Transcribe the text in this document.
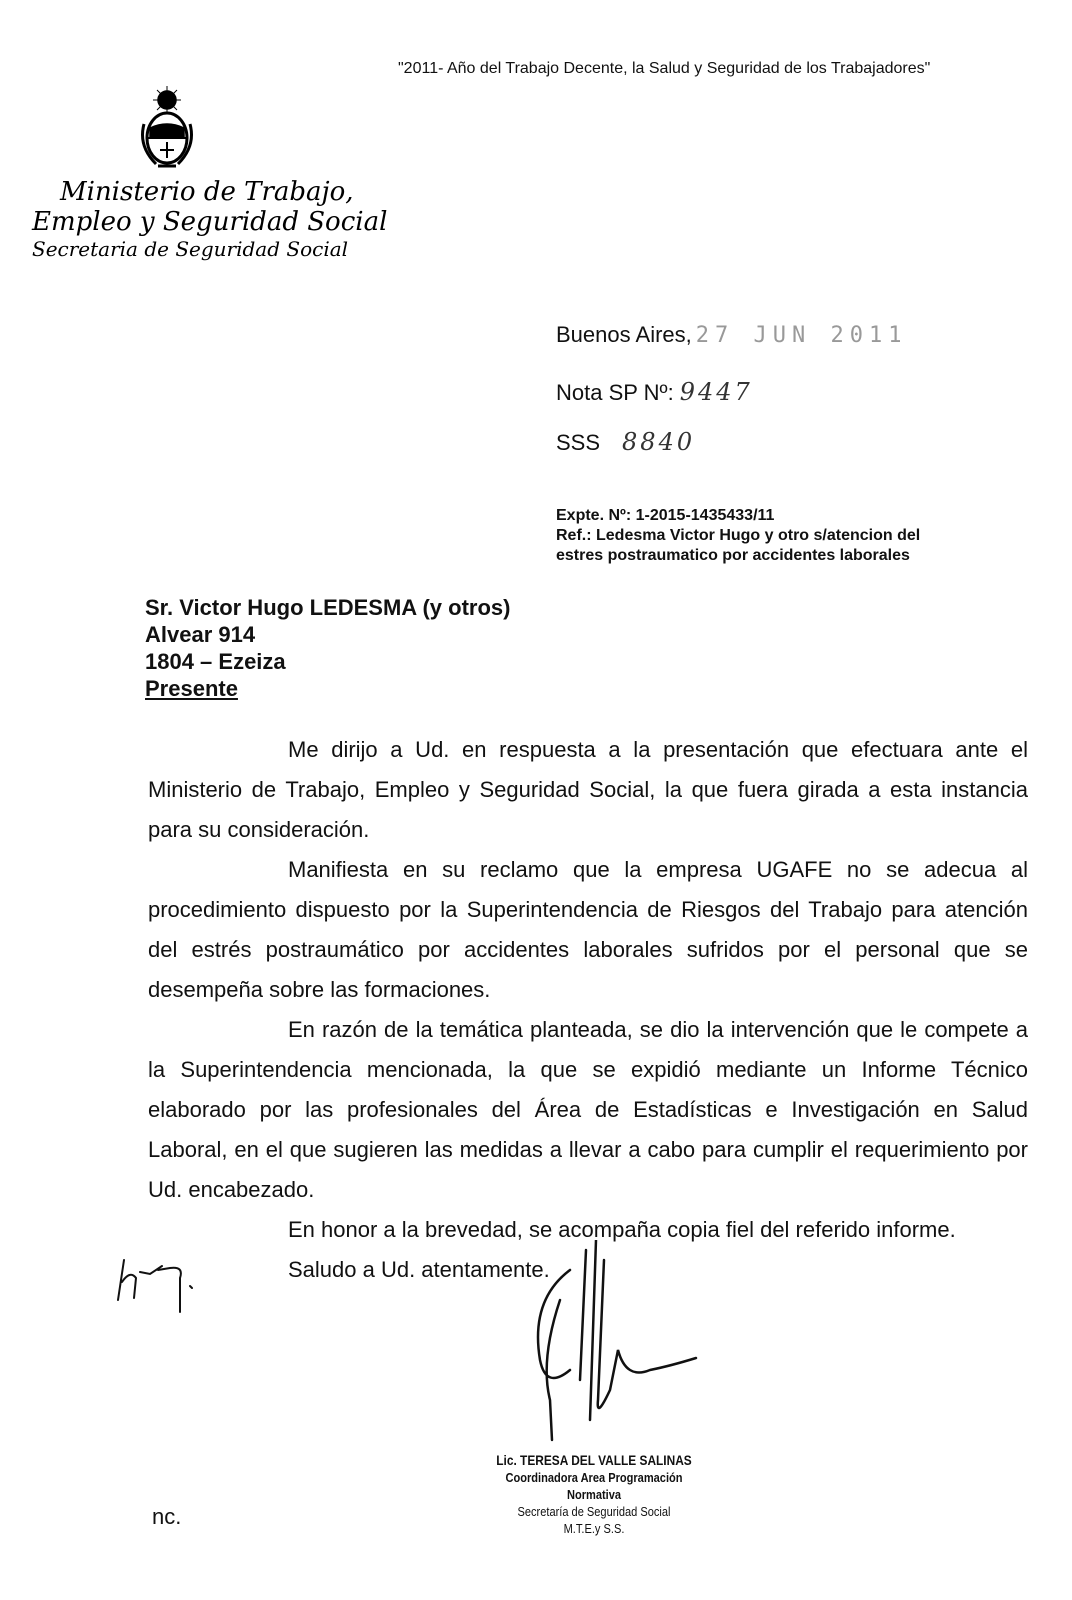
"2011- Año del Trabajo Decente, la Salud y Seguridad de los Trabajadores"
Ministerio de Trabajo,
Empleo y Seguridad Social
Secretaria de Seguridad Social
Buenos Aires, 27 JUN 2011
Nota SP Nº: 9447
SSS 8840
Expte. Nº: 1-2015-1435433/11
Ref.: Ledesma Victor Hugo y otro s/atencion del
estres postraumatico por accidentes laborales
Sr. Victor Hugo LEDESMA (y otros)
Alvear 914
1804 – Ezeiza
Presente

Me dirijo a Ud. en respuesta a la presentación que efectuara ante el Ministerio de Trabajo, Empleo y Seguridad Social, la que fuera girada a esta instancia para su consideración.

Manifiesta en su reclamo que la empresa UGAFE no se adecua al procedimiento dispuesto por la Superintendencia de Riesgos del Trabajo para atención del estrés postraumático por accidentes laborales sufridos por el personal que se desempeña sobre las formaciones.

En razón de la temática planteada, se dio la intervención que le compete a la Superintendencia mencionada, la que se expidió mediante un Informe Técnico elaborado por las profesionales del Área de Estadísticas e Investigación en Salud Laboral, en el que sugieren las medidas a llevar a cabo para cumplir el requerimiento por Ud. encabezado.

En honor a la brevedad, se acompaña copia fiel del referido informe.

Saludo a Ud. atentamente.

Lic. TERESA DEL VALLE SALINAS
Coordinadora Area Programación Normativa
Secretaría de Seguridad Social
M.T.E.y S.S.
nc.
